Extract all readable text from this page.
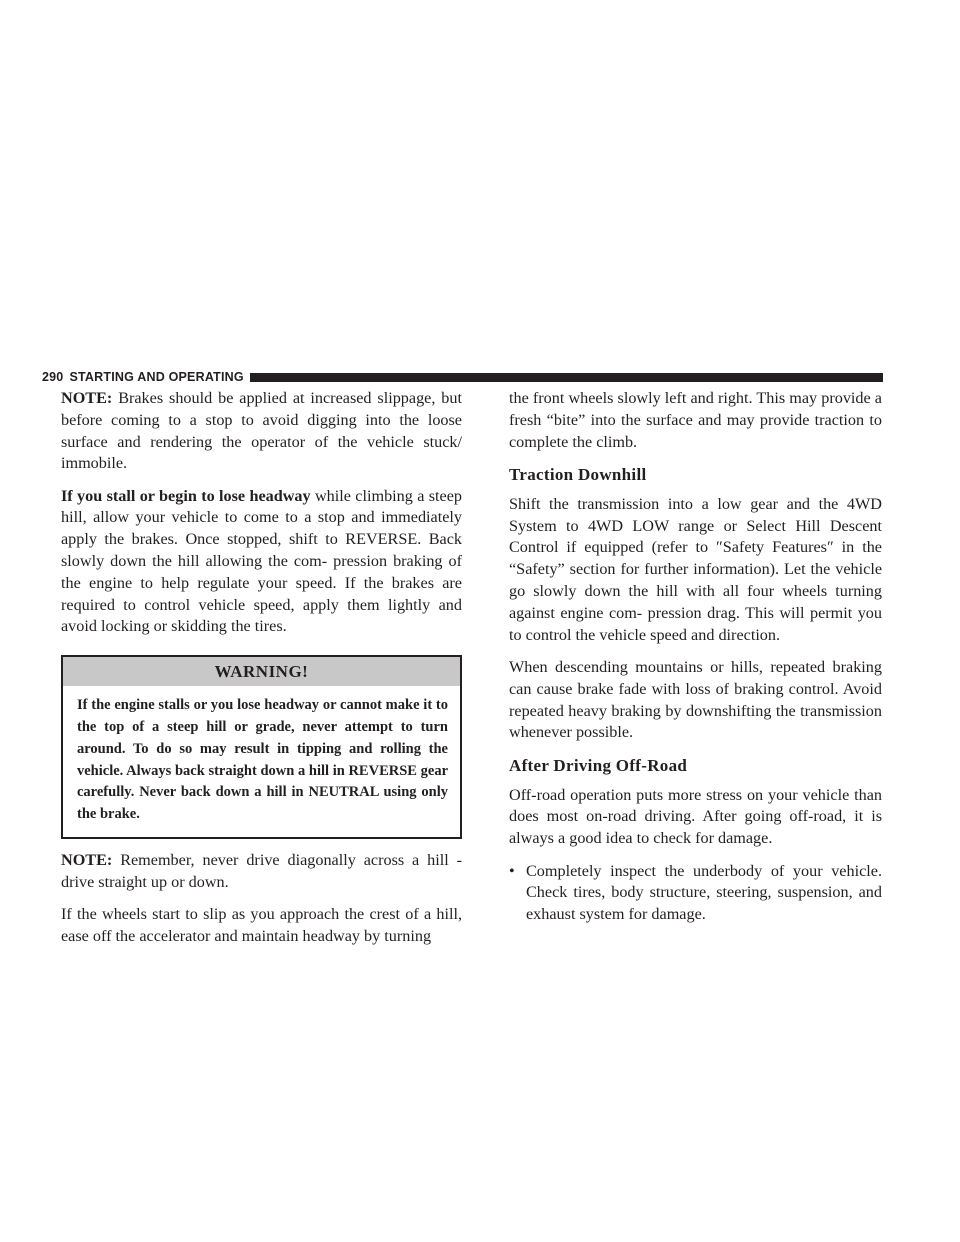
290 STARTING AND OPERATING

NOTE: Brakes should be applied at increased slippage, but before coming to a stop to avoid digging into the loose surface and rendering the operator of the vehicle stuck/ immobile.

If you stall or begin to lose headway while climbing a steep hill, allow your vehicle to come to a stop and immediately apply the brakes. Once stopped, shift to REVERSE. Back slowly down the hill allowing the com- pression braking of the engine to help regulate your speed. If the brakes are required to control vehicle speed, apply them lightly and avoid locking or skidding the tires.

WARNING!
If the engine stalls or you lose headway or cannot make it to the top of a steep hill or grade, never attempt to turn around. To do so may result in tipping and rolling the vehicle. Always back straight down a hill in REVERSE gear carefully. Never back down a hill in NEUTRAL using only the brake.

NOTE: Remember, never drive diagonally across a hill - drive straight up or down.

If the wheels start to slip as you approach the crest of a hill, ease off the accelerator and maintain headway by turning

the front wheels slowly left and right. This may provide a fresh “bite” into the surface and may provide traction to complete the climb.

Traction Downhill

Shift the transmission into a low gear and the 4WD System to 4WD LOW range or Select Hill Descent Control if equipped (refer to ″Safety Features″ in the “Safety” section for further information). Let the vehicle go slowly down the hill with all four wheels turning against engine com- pression drag. This will permit you to control the vehicle speed and direction.

When descending mountains or hills, repeated braking can cause brake fade with loss of braking control. Avoid repeated heavy braking by downshifting the transmission whenever possible.

After Driving Off-Road

Off-road operation puts more stress on your vehicle than does most on-road driving. After going off-road, it is always a good idea to check for damage.

• Completely inspect the underbody of your vehicle. Check tires, body structure, steering, suspension, and exhaust system for damage.
